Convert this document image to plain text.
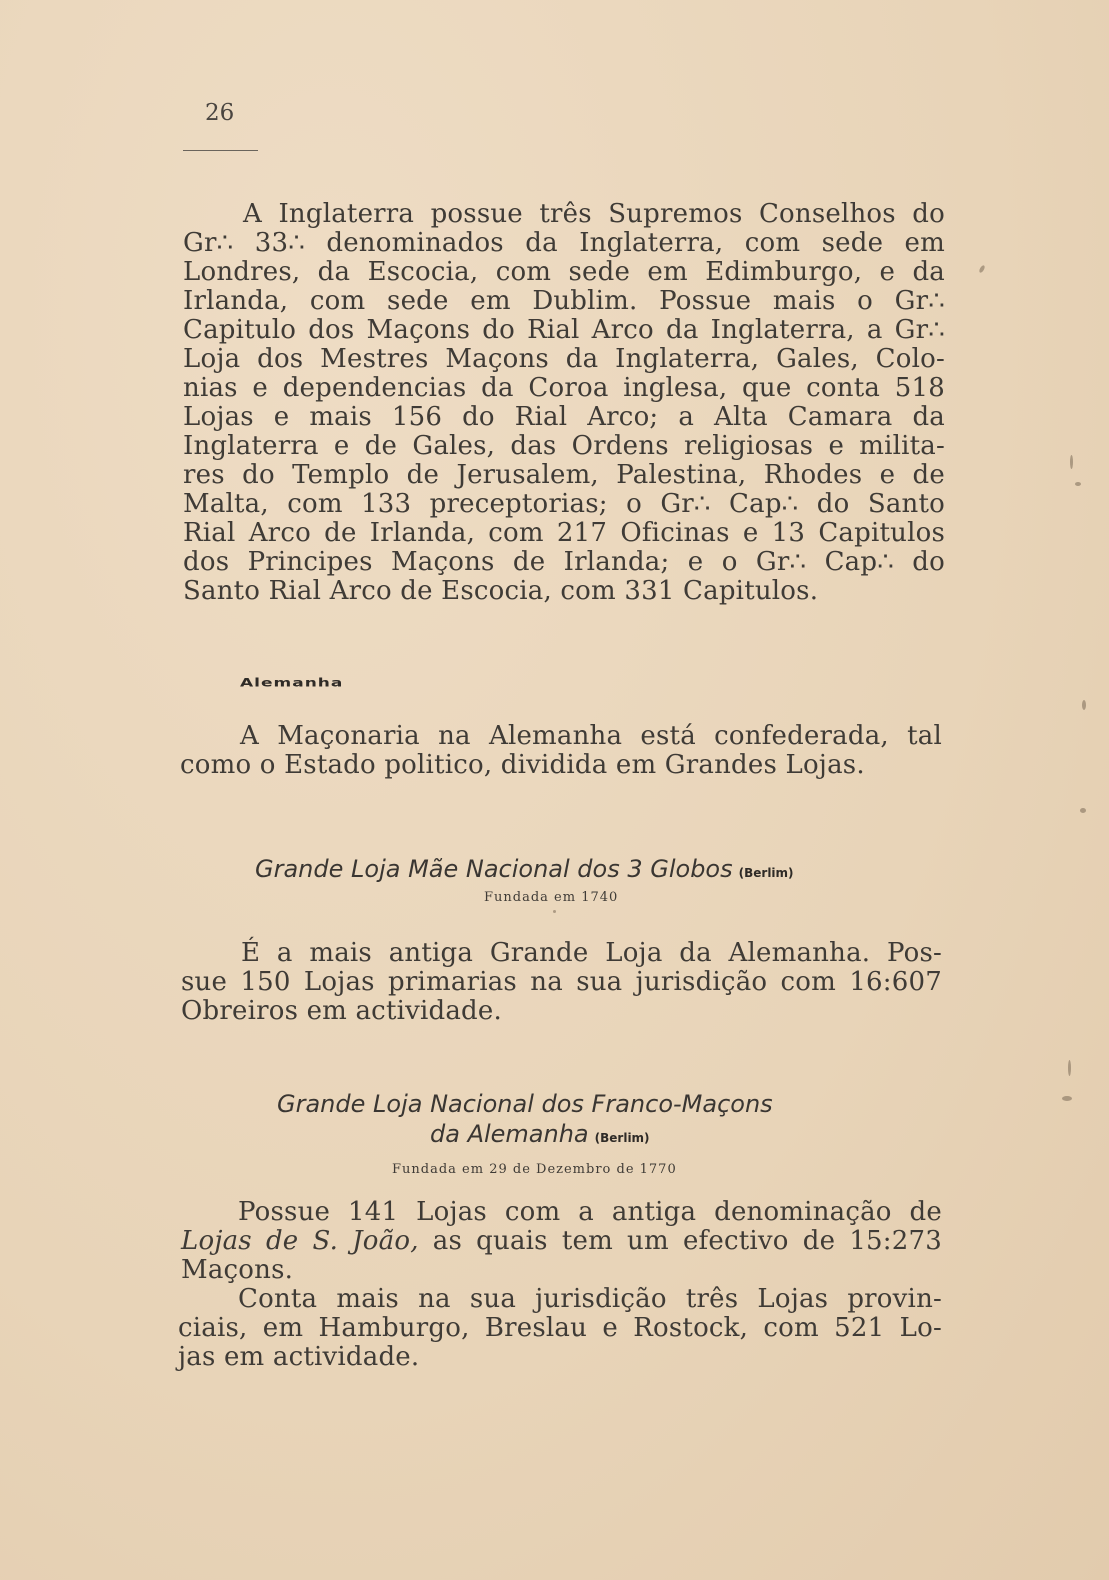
26

A Inglaterra possue três Supremos Conselhos do
Gr∴ 33∴ denominados da Inglaterra, com sede em
Londres, da Escocia, com sede em Edimburgo, e da
Irlanda, com sede em Dublim. Possue mais o Gr∴
Capitulo dos Maçons do Rial Arco da Inglaterra, a Gr∴
Loja dos Mestres Maçons da Inglaterra, Gales, Colo-
nias e dependencias da Coroa inglesa, que conta 518
Lojas e mais 156 do Rial Arco; a Alta Camara da
Inglaterra e de Gales, das Ordens religiosas e milita-
res do Templo de Jerusalem, Palestina, Rhodes e de
Malta, com 133 preceptorias; o Gr∴ Cap∴ do Santo
Rial Arco de Irlanda, com 217 Oficinas e 13 Capitulos
dos Principes Maçons de Irlanda; e o Gr∴ Cap∴ do
Santo Rial Arco de Escocia, com 331 Capitulos.

Alemanha

A Maçonaria na Alemanha está confederada, tal
como o Estado politico, dividida em Grandes Lojas.

Grande Loja Mãe Nacional dos 3 Globos (Berlim)
Fundada em 1740

É a mais antiga Grande Loja da Alemanha. Pos-
sue 150 Lojas primarias na sua jurisdição com 16:607
Obreiros em actividade.

Grande Loja Nacional dos Franco-Maçons
da Alemanha (Berlim)
Fundada em 29 de Dezembro de 1770

Possue 141 Lojas com a antiga denominação de
Lojas de S. João, as quais tem um efectivo de 15:273
Maçons.

Conta mais na sua jurisdição três Lojas provin-
ciais, em Hamburgo, Breslau e Rostock, com 521 Lo-
jas em actividade.
